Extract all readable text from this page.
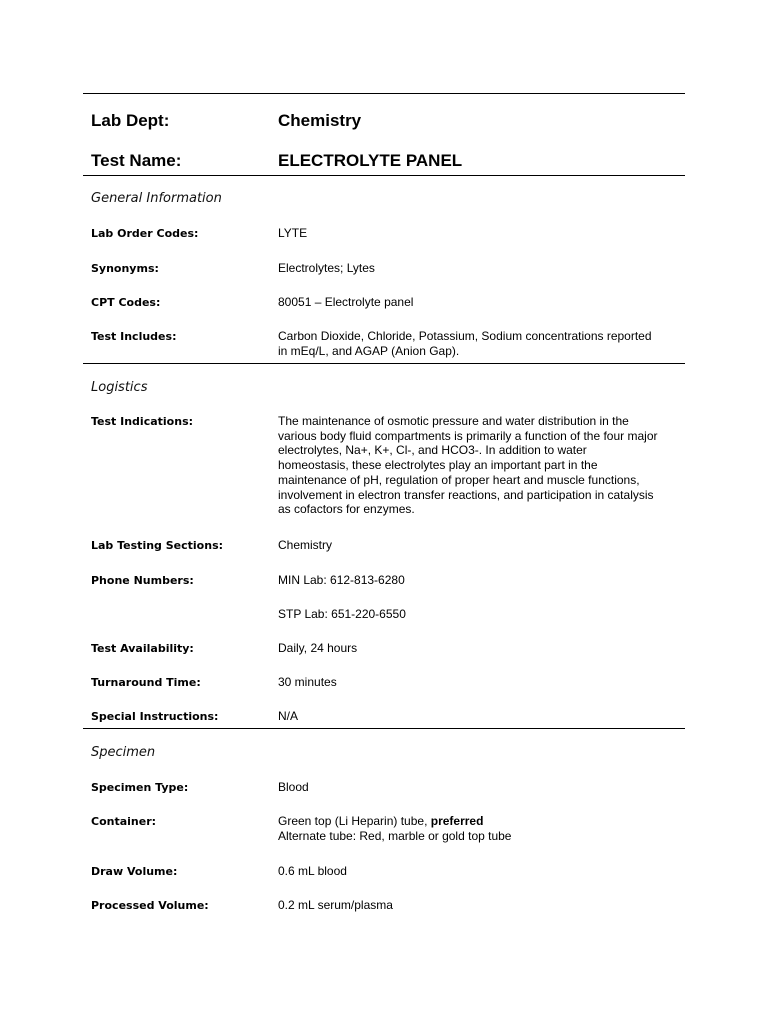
Lab Dept:	Chemistry
Test Name:	ELECTROLYTE PANEL
General Information
Lab Order Codes:	LYTE
Synonyms:	Electrolytes; Lytes
CPT Codes:	80051 – Electrolyte panel
Test Includes:	Carbon Dioxide, Chloride, Potassium, Sodium concentrations reported
in mEq/L, and AGAP (Anion Gap).
Logistics
Test Indications:	The maintenance of osmotic pressure and water distribution in the
various body fluid compartments is primarily a function of the four major
electrolytes, Na+, K+, Cl-, and HCO3-. In addition to water
homeostasis, these electrolytes play an important part in the
maintenance of pH, regulation of proper heart and muscle functions,
involvement in electron transfer reactions, and participation in catalysis
as cofactors for enzymes.
Lab Testing Sections:	Chemistry
Phone Numbers:	MIN Lab: 612-813-6280
STP Lab: 651-220-6550
Test Availability:	Daily, 24 hours
Turnaround Time:	30 minutes
Special Instructions:	N/A
Specimen
Specimen Type:	Blood
Container:	Green top (Li Heparin) tube, preferred
Alternate tube: Red, marble or gold top tube
Draw Volume:	0.6 mL blood
Processed Volume:	0.2 mL serum/plasma
